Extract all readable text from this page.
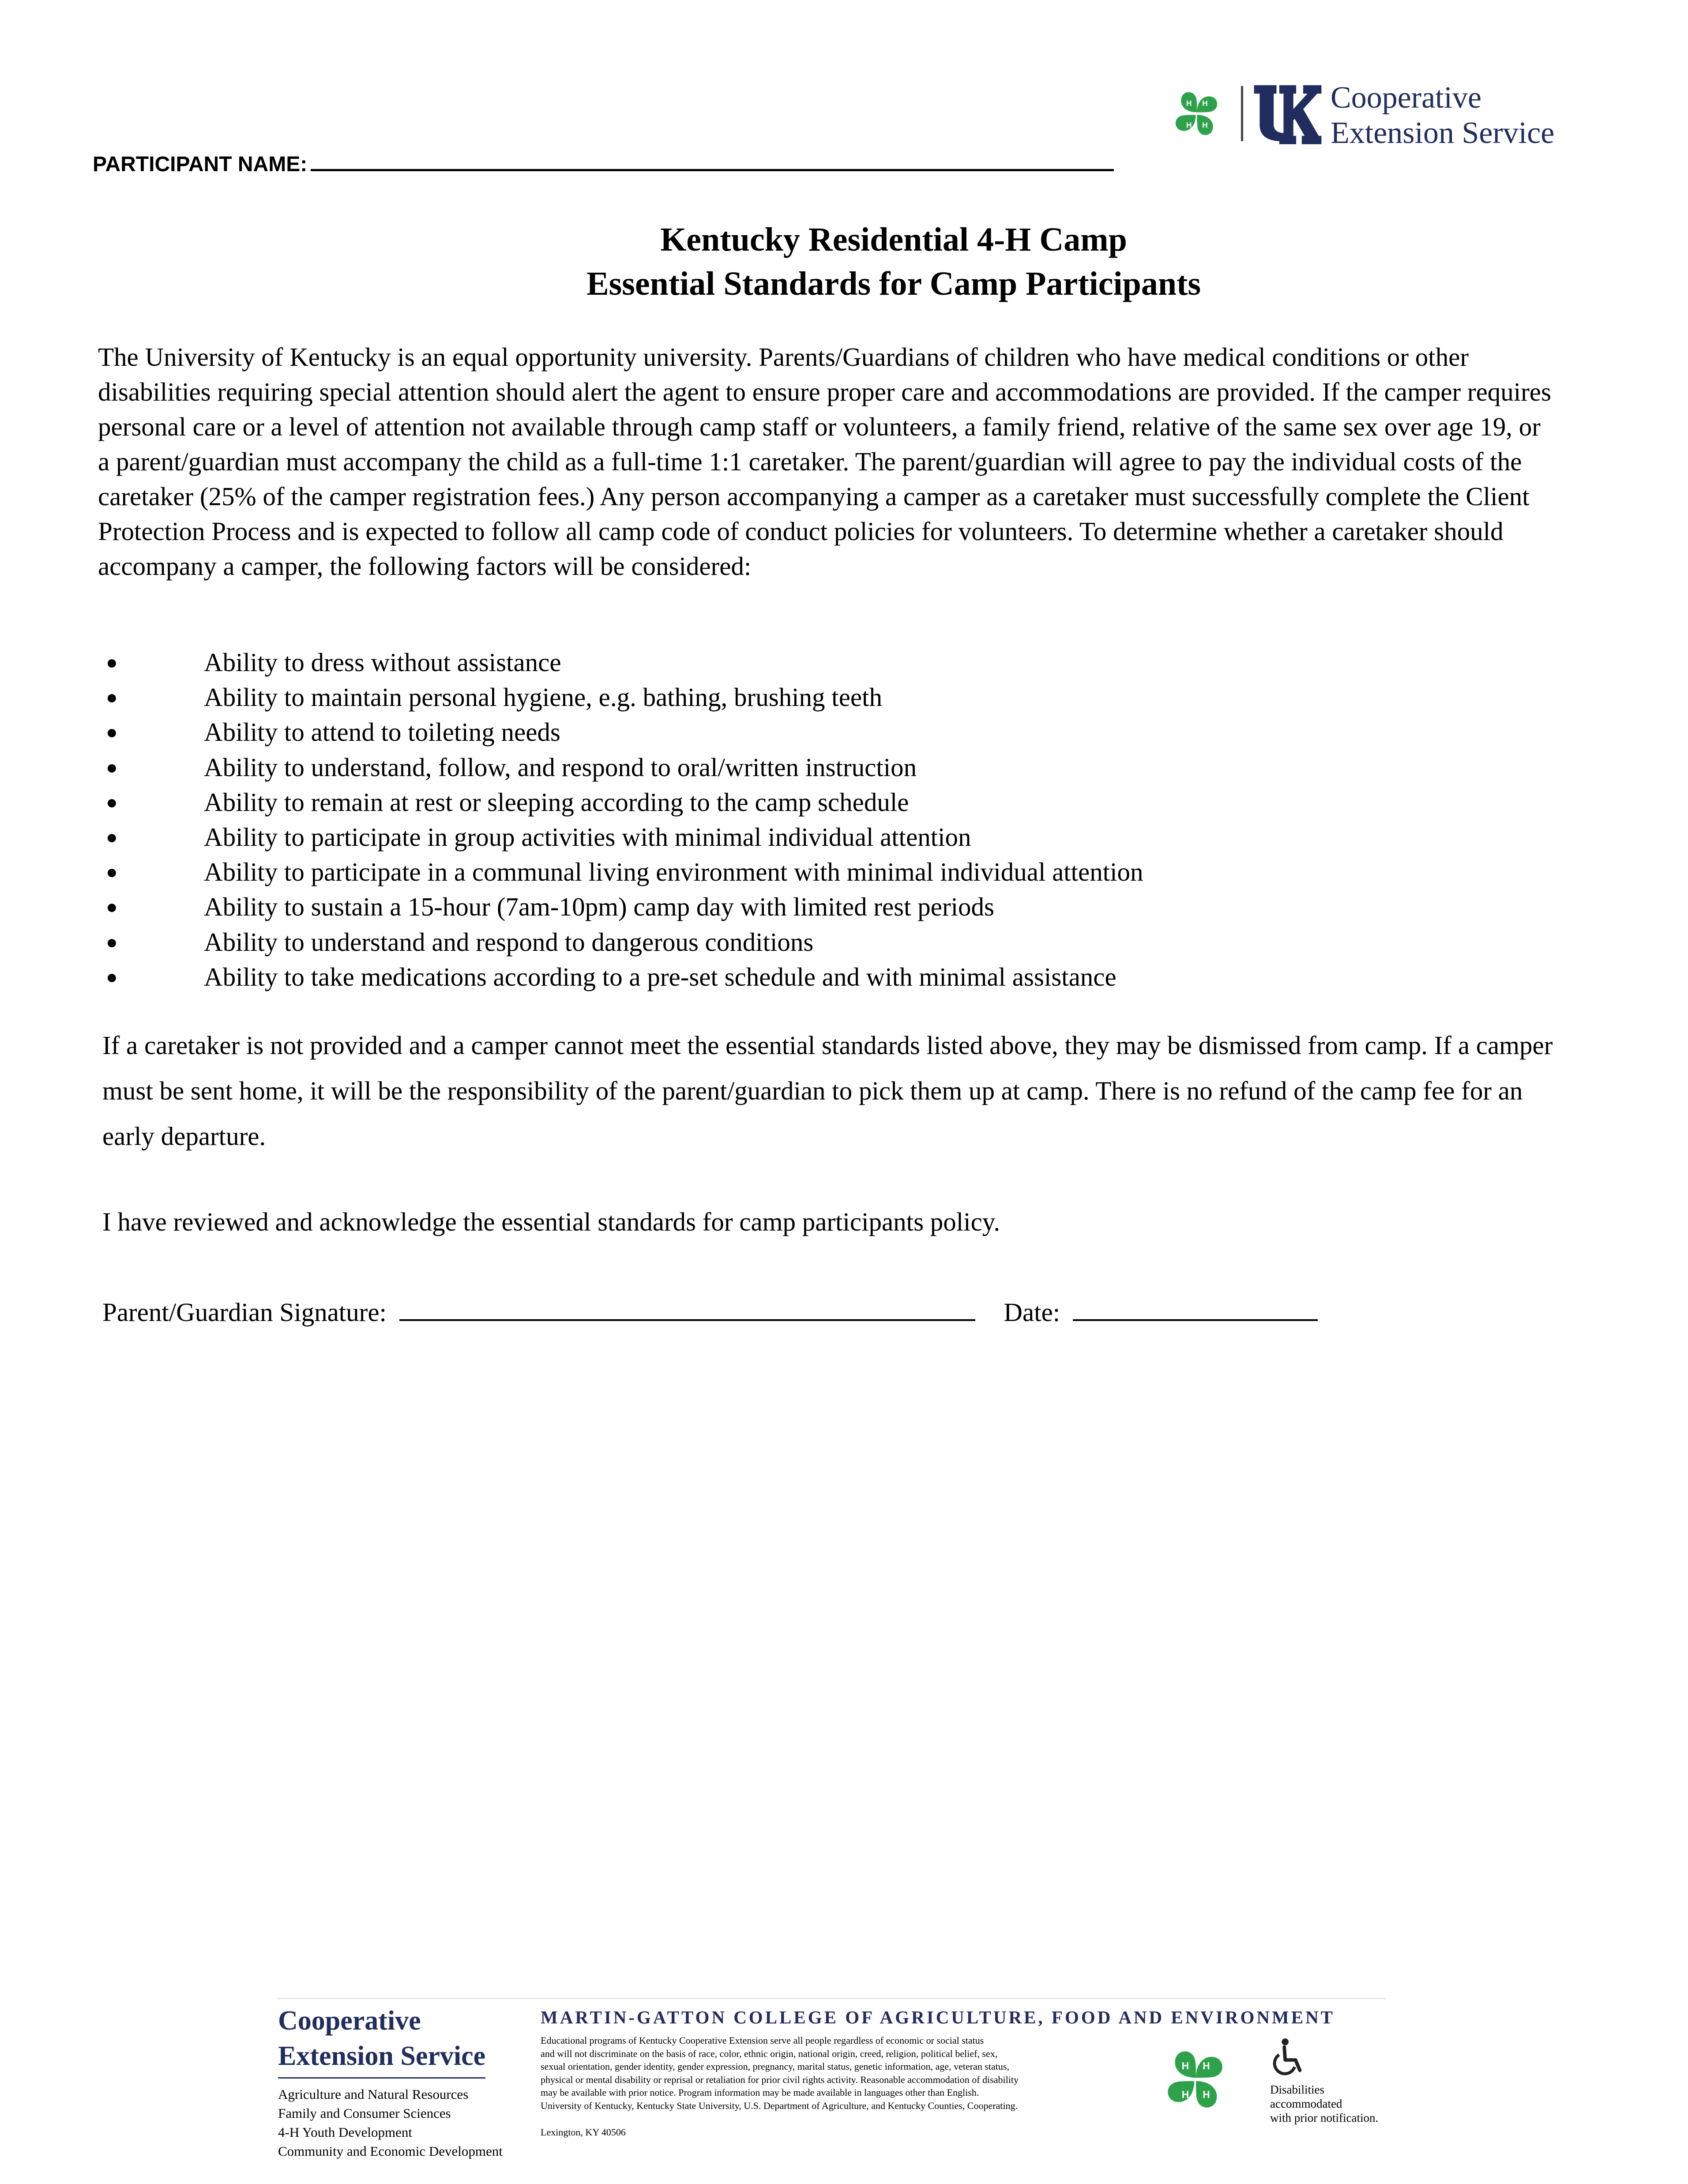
H H
H H
Cooperative
Extension Service
PARTICIPANT NAME:
Kentucky Residential 4-H Camp
Essential Standards for Camp Participants

The University of Kentucky is an equal opportunity university. Parents/Guardians of children who have medical conditions or other disabilities requiring special attention should alert the agent to ensure proper care and accommodations are provided. If the camper requires personal care or a level of attention not available through camp staff or volunteers, a family friend, relative of the same sex over age 19, or a parent/guardian must accompany the child as a full-time 1:1 caretaker. The parent/guardian will agree to pay the individual costs of the caretaker (25% of the camper registration fees.) Any person accompanying a camper as a caretaker must successfully complete the Client Protection Process and is expected to follow all camp code of conduct policies for volunteers. To determine whether a caretaker should accompany a camper, the following factors will be considered:

●	Ability to dress without assistance
●	Ability to maintain personal hygiene, e.g. bathing, brushing teeth
●	Ability to attend to toileting needs
●	Ability to understand, follow, and respond to oral/written instruction
●	Ability to remain at rest or sleeping according to the camp schedule
●	Ability to participate in group activities with minimal individual attention
●	Ability to participate in a communal living environment with minimal individual attention
●	Ability to sustain a 15-hour (7am-10pm) camp day with limited rest periods
●	Ability to understand and respond to dangerous conditions
●	Ability to take medications according to a pre-set schedule and with minimal assistance
If a caretaker is not provided and a camper cannot meet the essential standards listed above, they may be dismissed from camp. If a camper must be sent home, it will be the responsibility of the parent/guardian to pick them up at camp. There is no refund of the camp fee for an early departure.
I have reviewed and acknowledge the essential standards for camp participants policy.
Parent/Guardian Signature:	Date:
Cooperative
Extension Service
Agriculture and Natural Resources
Family and Consumer Sciences
4-H Youth Development
Community and Economic Development
MARTIN-GATTON COLLEGE OF AGRICULTURE, FOOD AND ENVIRONMENT
Educational programs of Kentucky Cooperative Extension serve all people regardless of economic or social status
and will not discriminate on the basis of race, color, ethnic origin, national origin, creed, religion, political belief, sex,
sexual orientation, gender identity, gender expression, pregnancy, marital status, genetic information, age, veteran status,
physical or mental disability or reprisal or retaliation for prior civil rights activity. Reasonable accommodation of disability
may be available with prior notice. Program information may be made available in languages other than English.
University of Kentucky, Kentucky State University, U.S. Department of Agriculture, and Kentucky Counties, Cooperating.
Lexington, KY 40506
H	H
H	H	Disabilities
accommodated
with prior notification.
